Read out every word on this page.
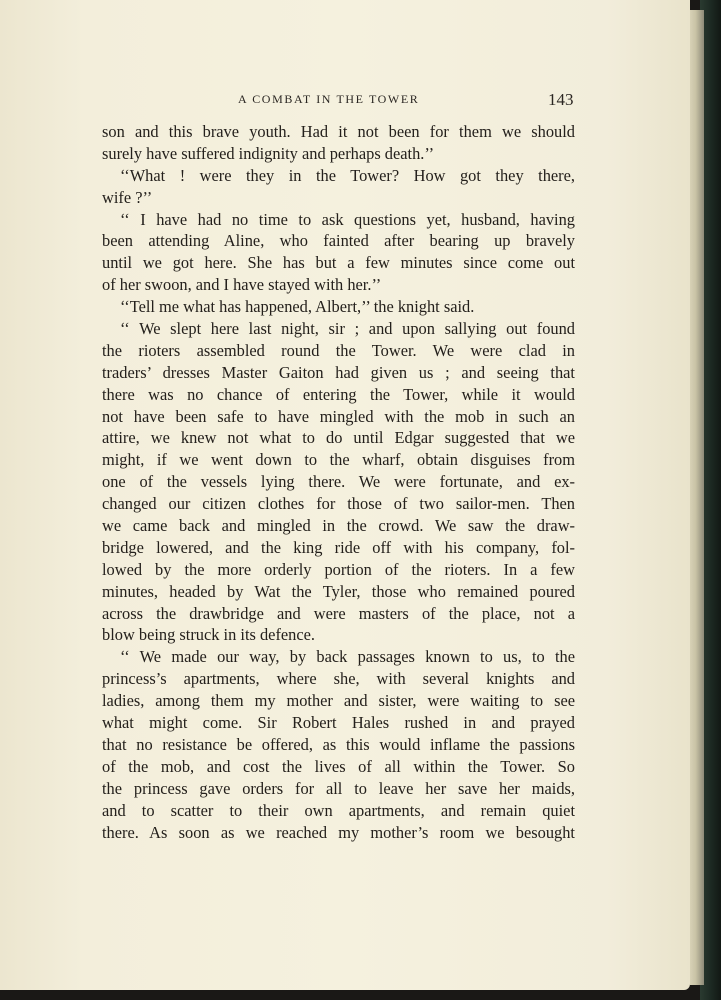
A COMBAT IN THE TOWER	143
son and this brave youth. Had it not been for them we should
surely have suffered indignity and perhaps death.’’
‘‘What ! were they in the Tower? How got they there,
wife ?’’
‘‘ I have had no time to ask questions yet, husband, having
been attending Aline, who fainted after bearing up bravely
until we got here. She has but a few minutes since come out
of her swoon, and I have stayed with her.’’
‘‘Tell me what has happened, Albert,’’ the knight said.
‘‘ We slept here last night, sir ; and upon sallying out found
the rioters assembled round the Tower. We were clad in
traders’ dresses Master Gaiton had given us ; and seeing that
there was no chance of entering the Tower, while it would
not have been safe to have mingled with the mob in such an
attire, we knew not what to do until Edgar suggested that we
might, if we went down to the wharf, obtain disguises from
one of the vessels lying there. We were fortunate, and ex-
changed our citizen clothes for those of two sailor-men. Then
we came back and mingled in the crowd. We saw the draw-
bridge lowered, and the king ride off with his company, fol-
lowed by the more orderly portion of the rioters. In a few
minutes, headed by Wat the Tyler, those who remained poured
across the drawbridge and were masters of the place, not a
blow being struck in its defence.
‘‘ We made our way, by back passages known to us, to the
princess’s apartments, where she, with several knights and
ladies, among them my mother and sister, were waiting to see
what might come. Sir Robert Hales rushed in and prayed
that no resistance be offered, as this would inflame the passions
of the mob, and cost the lives of all within the Tower. So
the princess gave orders for all to leave her save her maids,
and to scatter to their own apartments, and remain quiet
there. As soon as we reached my mother’s room we besought
